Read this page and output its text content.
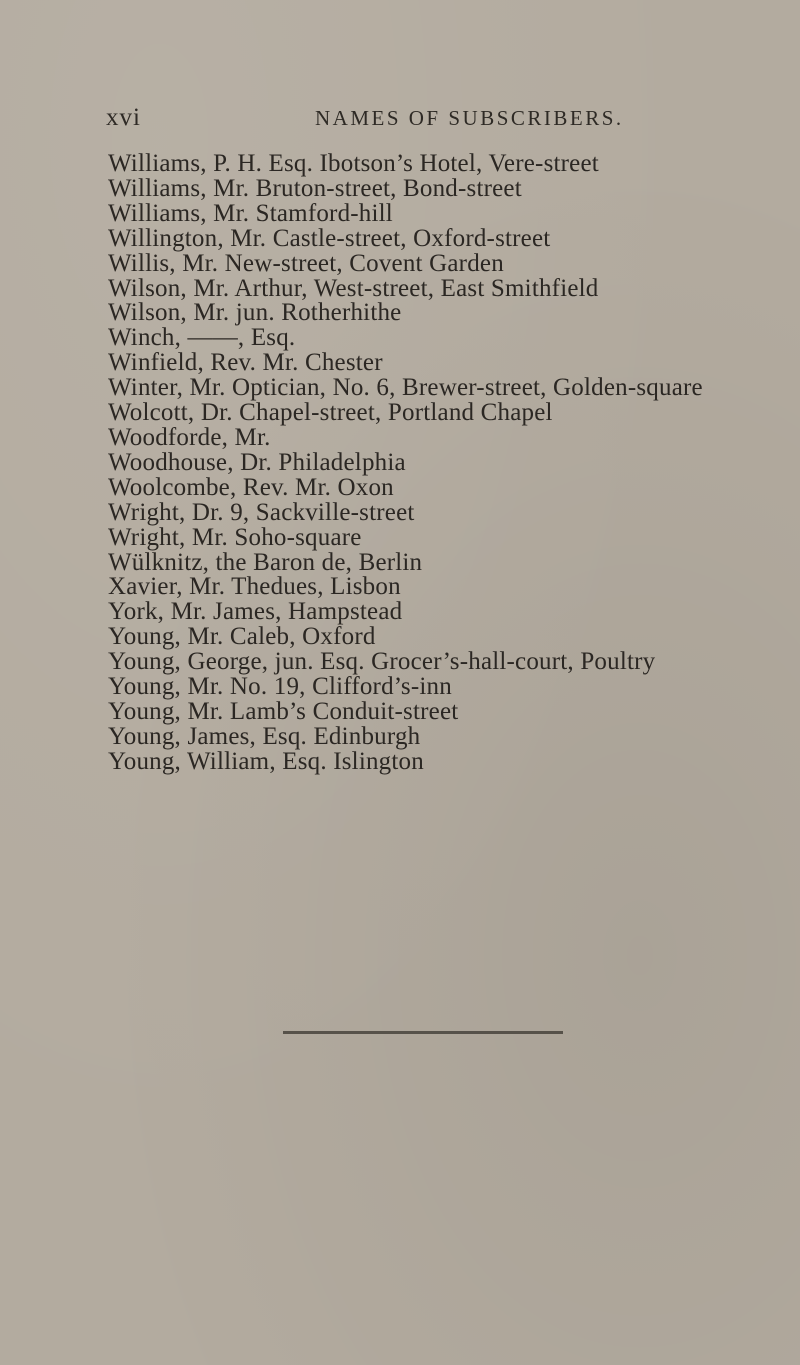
xvi	NAMES OF SUBSCRIBERS.
Williams, P. H. Esq. Ibotson’s Hotel, Vere-street
Williams, Mr. Bruton-street, Bond-street
Williams, Mr. Stamford-hill
Willington, Mr. Castle-street, Oxford-street
Willis, Mr. New-street, Covent Garden
Wilson, Mr. Arthur, West-street, East Smithfield
Wilson, Mr. jun. Rotherhithe
Winch, ——, Esq.
Winfield, Rev. Mr. Chester
Winter, Mr. Optician, No. 6, Brewer-street, Golden-square
Wolcott, Dr. Chapel-street, Portland Chapel
Woodforde, Mr.
Woodhouse, Dr. Philadelphia
Woolcombe, Rev. Mr. Oxon
Wright, Dr. 9, Sackville-street
Wright, Mr. Soho-square
Wülknitz, the Baron de, Berlin
Xavier, Mr. Thedues, Lisbon
York, Mr. James, Hampstead
Young, Mr. Caleb, Oxford
Young, George, jun. Esq. Grocer’s-hall-court, Poultry
Young, Mr. No. 19, Clifford’s-inn
Young, Mr. Lamb’s Conduit-street
Young, James, Esq. Edinburgh
Young, William, Esq. Islington
